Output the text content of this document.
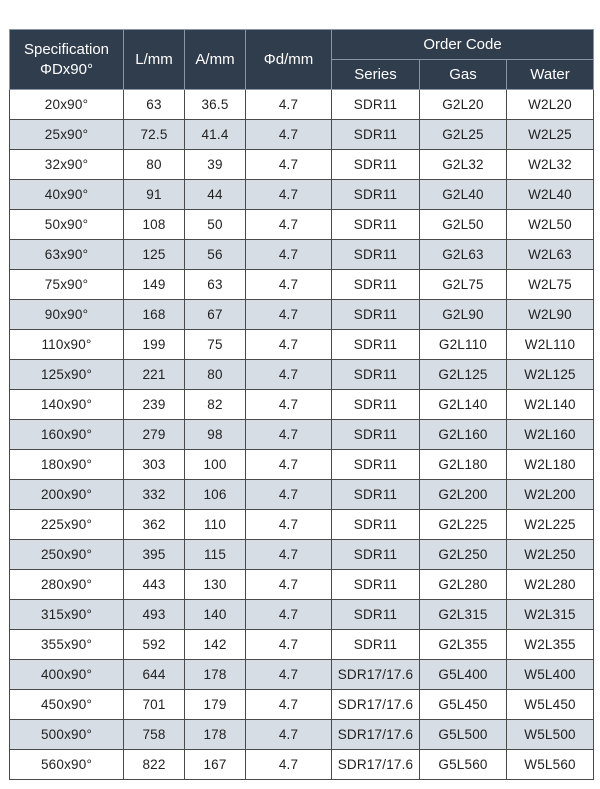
Specification
ΦDx90°	L/mm	A/mm	Φd/mm	Order Code		
				Series	Gas	Water
20x90°	63	36.5	4.7	SDR11	G2L20	W2L20
25x90°	72.5	41.4	4.7	SDR11	G2L25	W2L25
32x90°	80	39	4.7	SDR11	G2L32	W2L32
40x90°	91	44	4.7	SDR11	G2L40	W2L40
50x90°	108	50	4.7	SDR11	G2L50	W2L50
63x90°	125	56	4.7	SDR11	G2L63	W2L63
75x90°	149	63	4.7	SDR11	G2L75	W2L75
90x90°	168	67	4.7	SDR11	G2L90	W2L90
110x90°	199	75	4.7	SDR11	G2L110	W2L110
125x90°	221	80	4.7	SDR11	G2L125	W2L125
140x90°	239	82	4.7	SDR11	G2L140	W2L140
160x90°	279	98	4.7	SDR11	G2L160	W2L160
180x90°	303	100	4.7	SDR11	G2L180	W2L180
200x90°	332	106	4.7	SDR11	G2L200	W2L200
225x90°	362	110	4.7	SDR11	G2L225	W2L225
250x90°	395	115	4.7	SDR11	G2L250	W2L250
280x90°	443	130	4.7	SDR11	G2L280	W2L280
315x90°	493	140	4.7	SDR11	G2L315	W2L315
355x90°	592	142	4.7	SDR11	G2L355	W2L355
400x90°	644	178	4.7	SDR17/17.6	G5L400	W5L400
450x90°	701	179	4.7	SDR17/17.6	G5L450	W5L450
500x90°	758	178	4.7	SDR17/17.6	G5L500	W5L500
560x90°	822	167	4.7	SDR17/17.6	G5L560	W5L560
